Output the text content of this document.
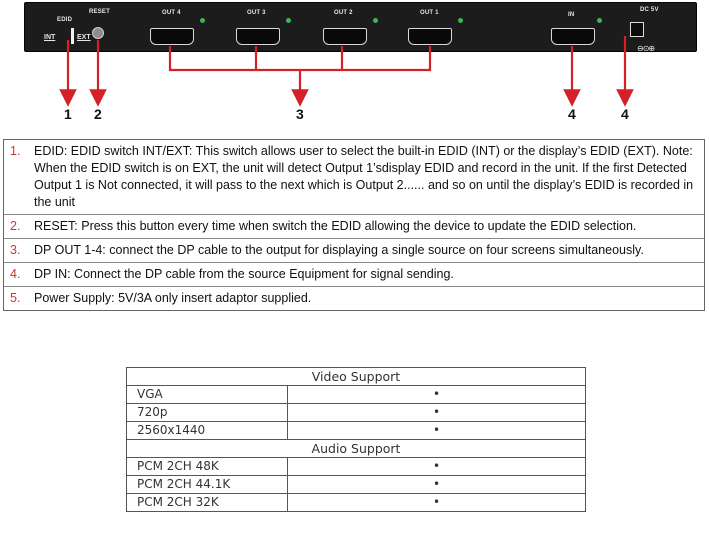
EDID
RESET	OUT 4	OUT 3	OUT 2	OUT 1	IN
DC 5V
INT	EXT
⊖⊙⊕
1 2	3	4	4
1.	EDID: EDID switch INT/EXT: This switch allows user to select the built-in EDID (INT) or the display’s EDID (EXT). Note: When the EDID switch is on EXT, the unit will detect Output 1’sdisplay EDID and record in the unit. If the first Detected Output 1 is Not connected, it will pass to the next which is Output 2...... and so on until the display’s EDID is recorded in the unit
2.	RESET: Press this button every time when switch the EDID allowing the device to update the EDID selection.
3.	DP OUT 1-4: connect the DP cable to the output for displaying a single source on four screens simultaneously.
4.	DP IN: Connect the DP cable from the source Equipment for signal sending.
5.	Power Supply: 5V/3A only insert adaptor supplied.
Video Support	
VGA	•
720p	•
2560x1440	•
Audio Support	
PCM 2CH 48K	•
PCM 2CH 44.1K	•
PCM 2CH 32K	•
